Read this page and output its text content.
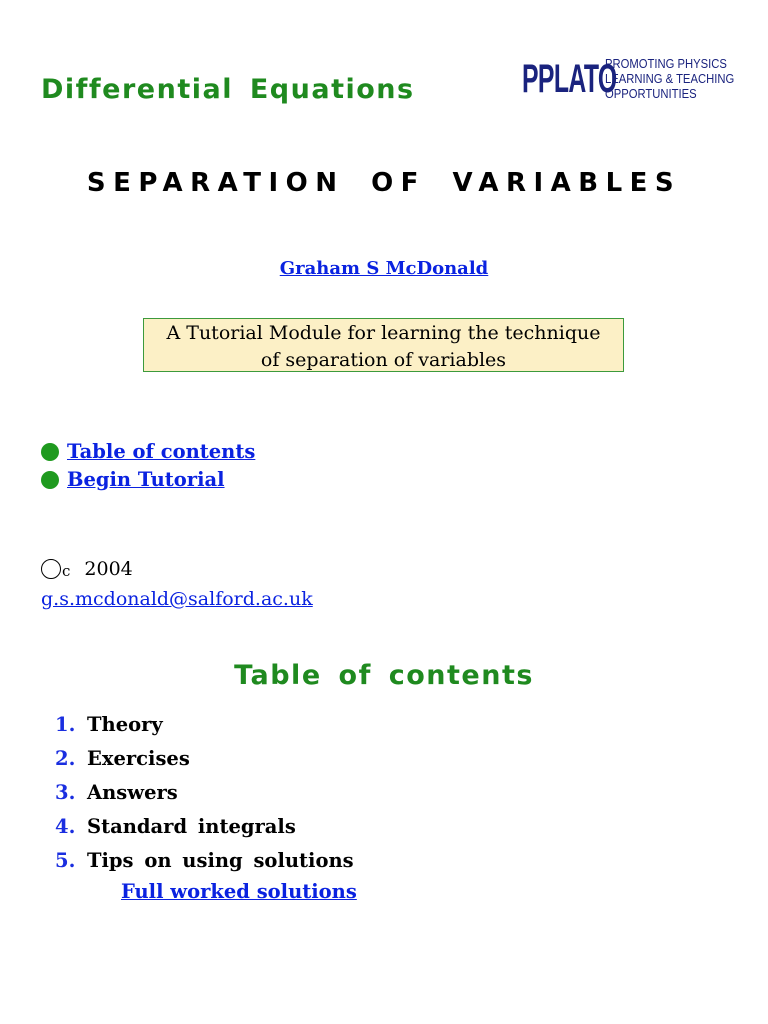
Differential Equations	PPLATO
PROMOTING PHYSICS
LEARNING & TEACHING
OPPORTUNITIES
SEPARATION OF VARIABLES
Graham S McDonald
A Tutorial Module for learning the technique
of separation of variables
Table of contents
Begin Tutorial
c 2004
g.s.mcdonald@salford.ac.uk
Table of contents
1. Theory
2. Exercises
3. Answers
4. Standard integrals
5. Tips on using solutions
Full worked solutions
